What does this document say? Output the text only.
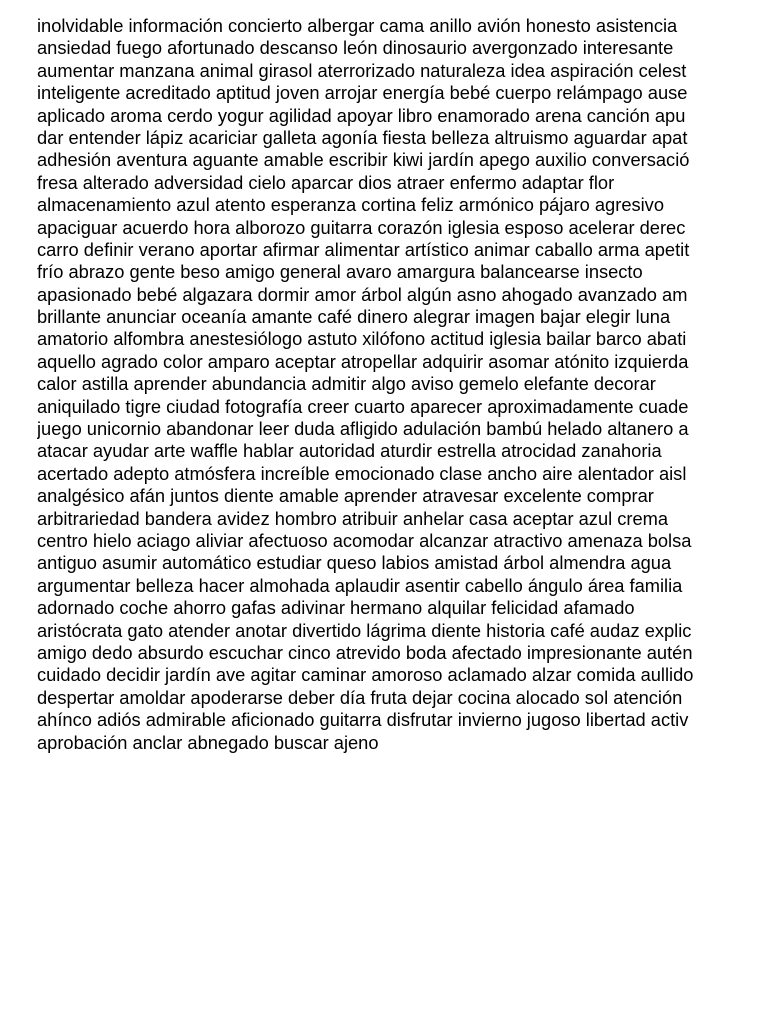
inolvidable información concierto albergar cama anillo avión honesto asistencia
ansiedad fuego afortunado descanso león dinosaurio avergonzado interesante
aumentar manzana animal girasol aterrorizado naturaleza idea aspiración celest
inteligente acreditado aptitud joven arrojar energía bebé cuerpo relámpago ause
aplicado aroma cerdo yogur agilidad apoyar libro enamorado arena canción apu
dar entender lápiz acariciar galleta agonía fiesta belleza altruismo aguardar apat
adhesión aventura aguante amable escribir kiwi jardín apego auxilio conversació
fresa alterado adversidad cielo aparcar dios atraer enfermo adaptar flor
almacenamiento azul atento esperanza cortina feliz armónico pájaro agresivo
apaciguar acuerdo hora alborozo guitarra corazón iglesia esposo acelerar derec
carro definir verano aportar afirmar alimentar artístico animar caballo arma apetit
frío abrazo gente beso amigo general avaro amargura balancearse insecto
apasionado bebé algazara dormir amor árbol algún asno ahogado avanzado am
brillante anunciar oceanía amante café dinero alegrar imagen bajar elegir luna
amatorio alfombra anestesiólogo astuto xilófono actitud iglesia bailar barco abati
aquello agrado color amparo aceptar atropellar adquirir asomar atónito izquierda
calor astilla aprender abundancia admitir algo aviso gemelo elefante decorar
aniquilado tigre ciudad fotografía creer cuarto aparecer aproximadamente cuade
juego unicornio abandonar leer duda afligido adulación bambú helado altanero a
atacar ayudar arte waffle hablar autoridad aturdir estrella atrocidad zanahoria
acertado adepto atmósfera increíble emocionado clase ancho aire alentador aisl
analgésico afán juntos diente amable aprender atravesar excelente comprar
arbitrariedad bandera avidez hombro atribuir anhelar casa aceptar azul crema
centro hielo aciago aliviar afectuoso acomodar alcanzar atractivo amenaza bolsa
antiguo asumir automático estudiar queso labios amistad árbol almendra agua
argumentar belleza hacer almohada aplaudir asentir cabello ángulo área familia
adornado coche ahorro gafas adivinar hermano alquilar felicidad afamado
aristócrata gato atender anotar divertido lágrima diente historia café audaz explic
amigo dedo absurdo escuchar cinco atrevido boda afectado impresionante autén
cuidado decidir jardín ave agitar caminar amoroso aclamado alzar comida aullido
despertar amoldar apoderarse deber día fruta dejar cocina alocado sol atención
ahínco adiós admirable aficionado guitarra disfrutar invierno jugoso libertad activ
aprobación anclar abnegado buscar ajeno
